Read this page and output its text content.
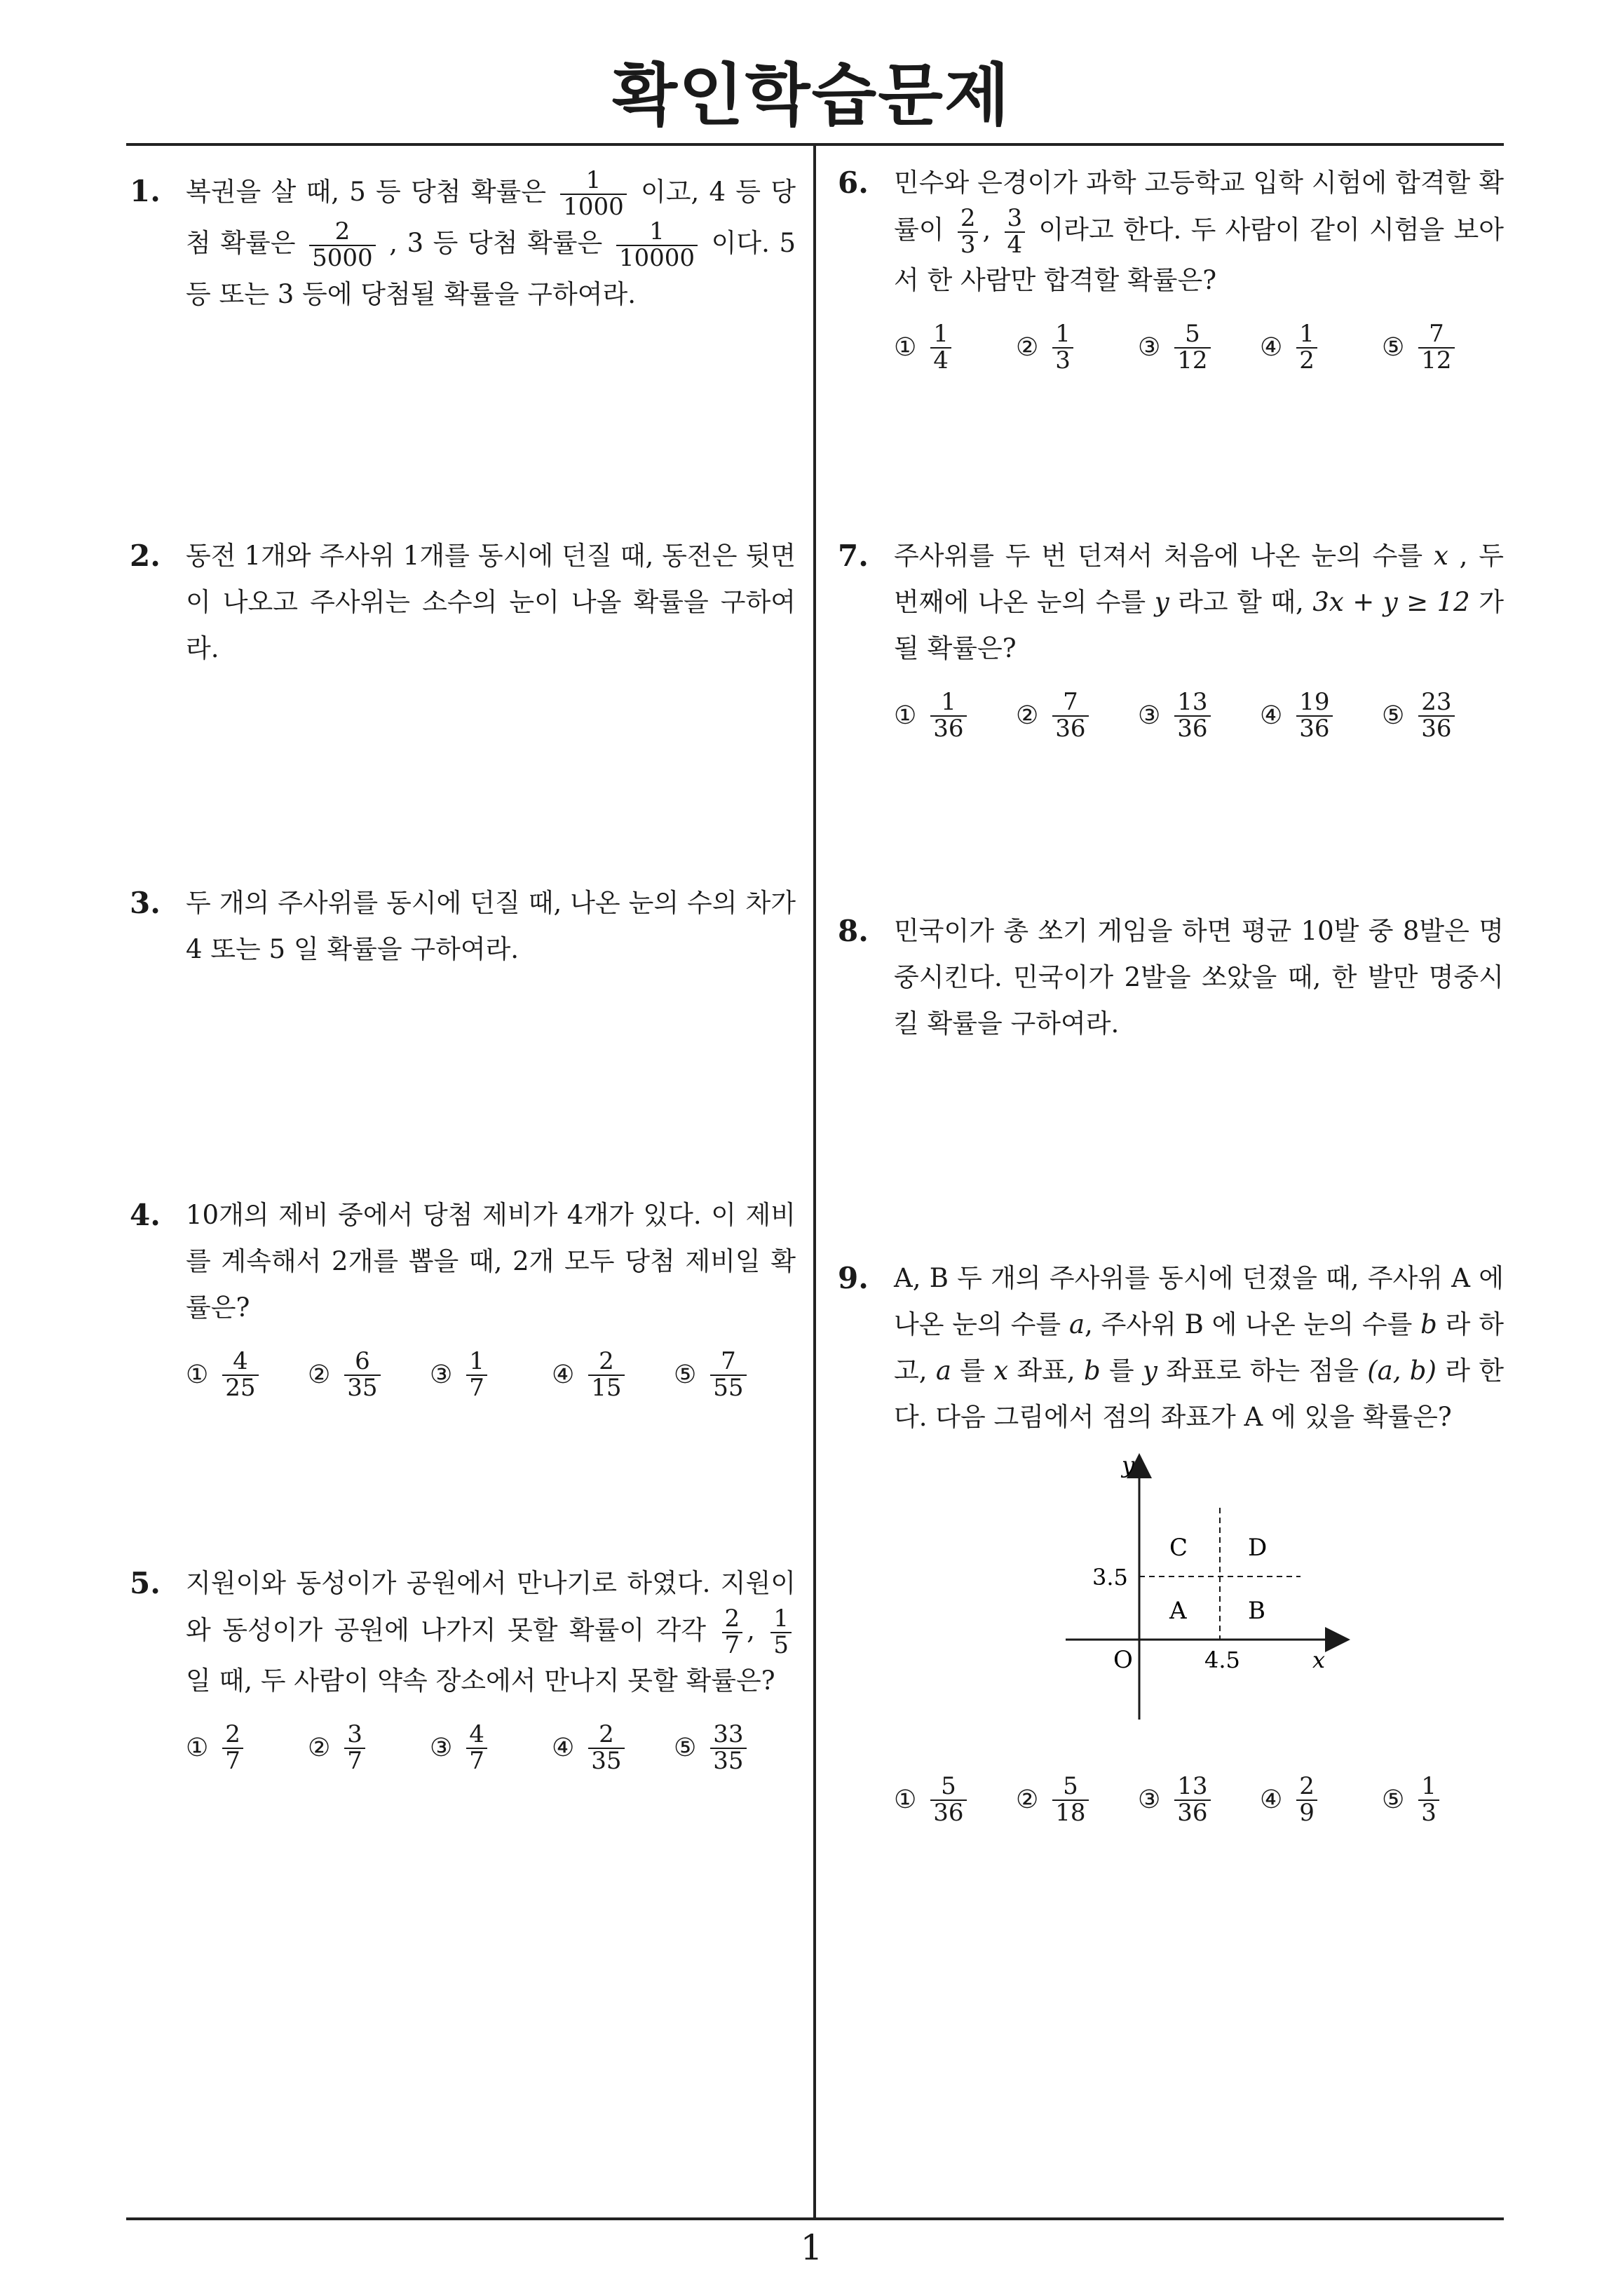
확인학습문제
1
1. 복권을 살 때, 5 등 당첨 확률은 $\frac{1}{1000}$ 이고, 4 등 당첨 확률은 $\frac{2}{5000}$ , 3 등 당첨 확률은 $\frac{1}{10000}$ 이다. 5 등 또는 3 등에 당첨될 확률을 구하여라.
2. 동전 1개와 주사위 1개를 동시에 던질 때, 동전은 뒷면이 나오고 주사위는 소수의 눈이 나올 확률을 구하여라.
3. 두 개의 주사위를 동시에 던질 때, 나온 눈의 수의 차가 4 또는 5 일 확률을 구하여라.
4. 10개의 제비 중에서 당첨 제비가 4개가 있다. 이 제비를 계속해서 2개를 뽑을 때, 2개 모두 당첨 제비일 확률은?
① $\frac{4}{25}$ ② $\frac{6}{35}$ ③ $\frac{1}{7}$	④ $\frac{2}{15}$ ⑤ $\frac{7}{55}$
5. 지원이와 동성이가 공원에서 만나기로 하였다. 지원이와 동성이가 공원에 나가지 못할 확률이 각각 $\frac{2}{7}$ , $\frac{1}{5}$
일 때, 두 사람이 약속 장소에서 만나지 못할 확률은?
① $\frac{2}{7}$	② $\frac{3}{7}$	③ $\frac{4}{7}$	④ $\frac{2}{35}$ ⑤ $\frac{33}{35}$
6. 민수와 은경이가 과학 고등학교 입학 시험에 합격할 확률이 $\frac{2}{3}$ , $\frac{3}{4}$ 이라고 한다. 두 사람이 같이 시험을 보아서 한 사람만 합격할 확률은?
① $\frac{1}{4}$	② $\frac{1}{3}$	③ $\frac{5}{12}$ ④ $\frac{1}{2}$	⑤ $\frac{7}{12}$
7. 주사위를 두 번 던져서 처음에 나온 눈의 수를 x , 두 번째에 나온 눈의 수를 y 라고 할 때, 3x + y ≥ 12 가 될 확률은?
① $\frac{1}{36}$ ② $\frac{7}{36}$ ③ $\frac{13}{36}$ ④ $\frac{19}{36}$ ⑤ $\frac{23}{36}$
8. 민국이가 총 쏘기 게임을 하면 평균 10발 중 8발은 명중시킨다. 민국이가 2발을 쏘았을 때, 한 발만 명중시킬 확률을 구하여라.
9. A, B 두 개의 주사위를 동시에 던졌을 때, 주사위 A 에 나온 눈의 수를 a, 주사위 B 에 나온 눈의 수를 b 라 하고, a 를 x 좌표, b 를 y 좌표로 하는 점을 (a, b) 라 한다. 다음 그림에서 점의 좌표가 A 에 있을 확률은?
y
x
O
3.5
4.5
C	D
A	B
① $\frac{5}{36}$ ② $\frac{5}{18}$ ③ $\frac{13}{36}$ ④ $\frac{2}{9}$	⑤ $\frac{1}{3}$
